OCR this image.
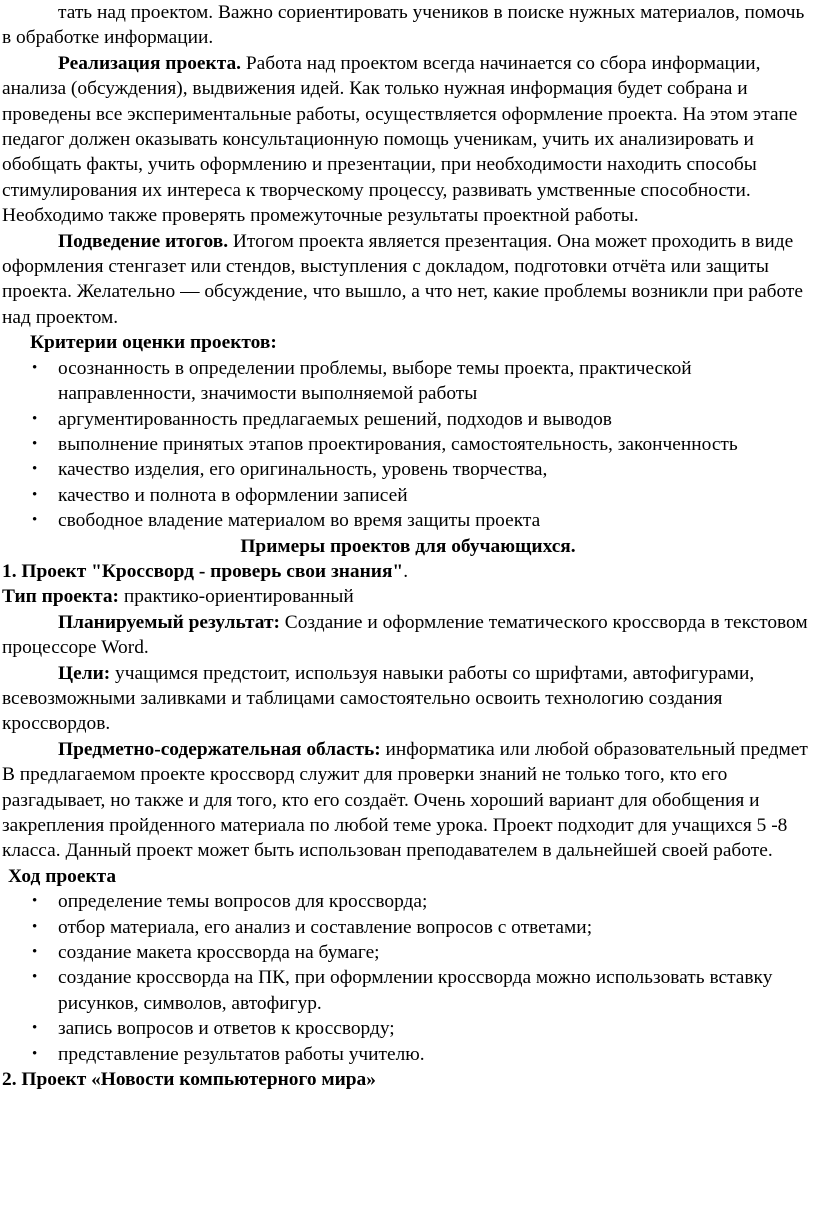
тать над проектом. Важно сориентировать учеников в поиске нужных материалов, помочь в обработке информации.

Реализация проекта. Работа над проектом всегда начинается со сбора информации, анализа (обсуждения), выдвижения идей. Как только нужная информация будет собрана и проведены все экспериментальные работы, осуществляется оформление проекта. На этом этапе педагог должен оказывать консультационную помощь ученикам, учить их анализировать и обобщать факты, учить оформлению и презентации, при необходимости находить способы стимулирования их интереса к творческому процессу, развивать умственные способности. Необходимо также проверять промежуточные результаты проектной работы.

Подведение итогов. Итогом проекта является презентация. Она может проходить в виде оформления стенгазет или стендов, выступления с докладом, подготовки отчёта или защиты проекта. Желательно — обсуждение, что вышло, а что нет, какие проблемы возникли при работе над проектом.

Критерии оценки проектов:

• осознанность в определении проблемы, выборе темы проекта, практической направленности, значимости выполняемой работы
• аргументированность предлагаемых решений, подходов и выводов
• выполнение принятых этапов проектирования, самостоятельность, законченность
• качество изделия, его оригинальность, уровень творчества,
• качество и полнота в оформлении записей
• свободное владение материалом во время защиты проекта

Примеры проектов для обучающихся.

1. Проект "Кроссворд - проверь свои знания".

Тип проекта: практико-ориентированный

Планируемый результат: Создание и оформление тематического кроссворда в текстовом процессоре Word.

Цели: учащимся предстоит, используя навыки работы со шрифтами, автофигурами, всевозможными заливками и таблицами самостоятельно освоить технологию создания кроссвордов.

Предметно-содержательная область: информатика или любой образовательный предмет

В предлагаемом проекте кроссворд служит для проверки знаний не только того, кто его разгадывает, но также и для того, кто его создаёт. Очень хороший вариант для обобщения и закрепления пройденного материала по любой теме урока. Проект подходит для учащихся 5 -8 класса. Данный проект может быть использован преподавателем в дальнейшей своей работе.

Ход проекта

• определение темы вопросов для кроссворда;
• отбор материала, его анализ и составление вопросов с ответами;
• создание макета кроссворда на бумаге;
• создание кроссворда на ПК, при оформлении кроссворда можно использовать вставку рисунков, символов, автофигур.
• запись вопросов и ответов к кроссворду;
• представление результатов работы учителю.

2. Проект «Новости компьютерного мира»
